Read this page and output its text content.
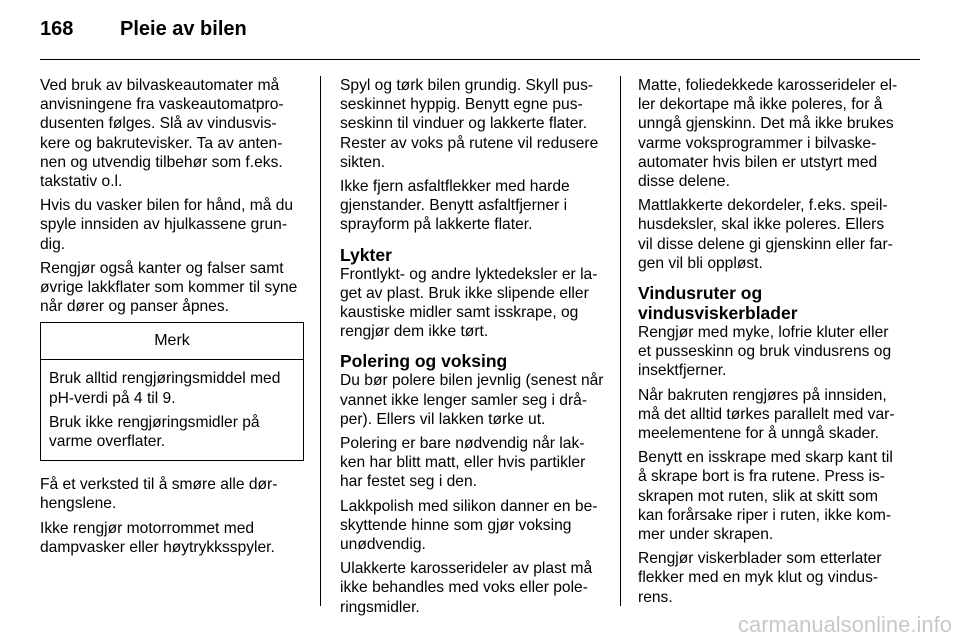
168	Pleie av bilen

Ved bruk av bilvaskeautomater må anvisningene fra vaskeautomatpro-dusenten følges. Slå av vindusvis-kere og bakrutevisker. Ta av anten-nen og utvendig tilbehør som f.eks. takstativ o.l.

Hvis du vasker bilen for hånd, må du spyle innsiden av hjulkassene grun-dig.

Rengjør også kanter og falser samt øvrige lakkflater som kommer til syne når dører og panser åpnes.

Merk

Bruk alltid rengjøringsmiddel med pH-verdi på 4 til 9.

Bruk ikke rengjøringsmidler på varme overflater.

Få et verksted til å smøre alle dør-hengslene.

Ikke rengjør motorrommet med dampvasker eller høytrykksspyler.

Spyl og tørk bilen grundig. Skyll pus-seskinnet hyppig. Benytt egne pus-seskinn til vinduer og lakkerte flater. Rester av voks på rutene vil redusere sikten.

Ikke fjern asfaltflekker med harde gjenstander. Benytt asfaltfjerner i sprayform på lakkerte flater.

Lykter

Frontlykt- og andre lyktedeksler er la-get av plast. Bruk ikke slipende eller kaustiske midler samt isskrape, og rengjør dem ikke tørt.

Polering og voksing

Du bør polere bilen jevnlig (senest når vannet ikke lenger samler seg i drå-per). Ellers vil lakken tørke ut.

Polering er bare nødvendig når lak-ken har blitt matt, eller hvis partikler har festet seg i den.

Lakkpolish med silikon danner en be-skyttende hinne som gjør voksing unødvendig.

Ulakkerte karosserideler av plast må ikke behandles med voks eller pole-ringsmidler.

Matte, foliedekkede karosserideler el-ler dekortape må ikke poleres, for å unngå gjenskinn. Det må ikke brukes varme voksprogrammer i bilvaske-automater hvis bilen er utstyrt med disse delene.

Mattlakkerte dekordeler, f.eks. speil-husdeksler, skal ikke poleres. Ellers vil disse delene gi gjenskinn eller far-gen vil bli oppløst.

Vindusruter og vindusviskerblader

Rengjør med myke, lofrie kluter eller et pusseskinn og bruk vindusrens og insektfjerner.

Når bakruten rengjøres på innsiden, må det alltid tørkes parallelt med var-meelementene for å unngå skader.

Benytt en isskrape med skarp kant til å skrape bort is fra rutene. Press is-skrapen mot ruten, slik at skitt som kan forårsake riper i ruten, ikke kom-mer under skrapen.

Rengjør viskerblader som etterlater flekker med en myk klut og vindus-rens.

carmanualsonline.info
